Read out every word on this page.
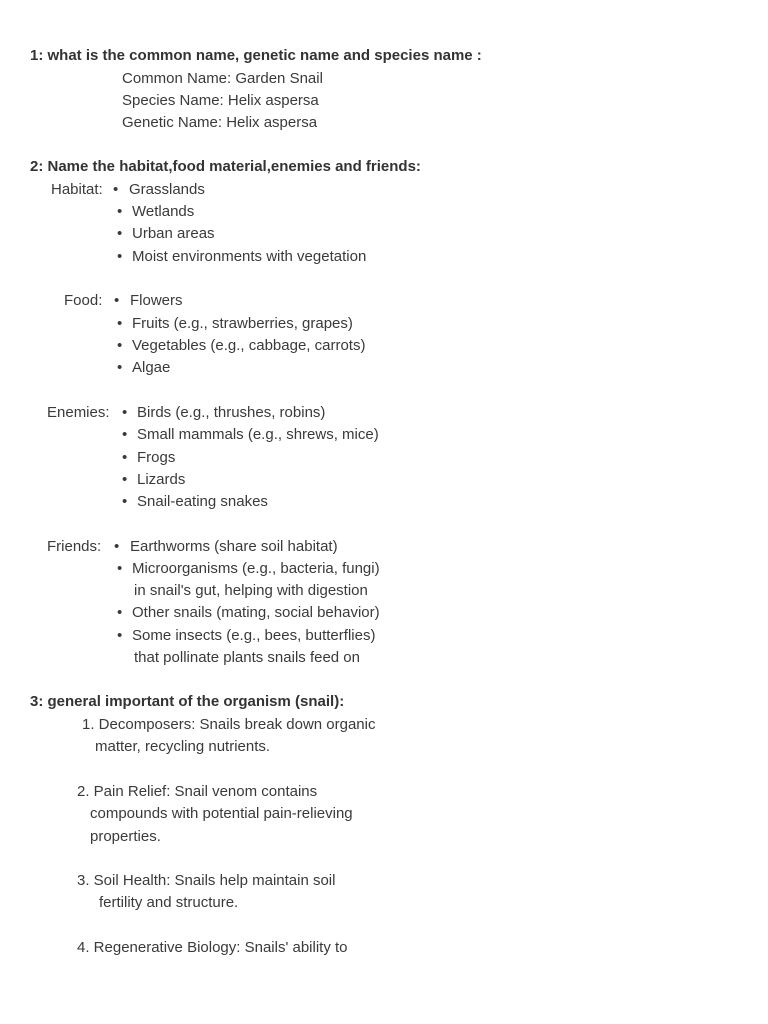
1: what is the common name, genetic name and species name :
Common Name: Garden Snail
Species Name: Helix aspersa
Genetic Name: Helix aspersa
2: Name the habitat,food material,enemies and friends:
Habitat: • Grasslands
• Wetlands
• Urban areas
• Moist environments with vegetation
Food: • Flowers
• Fruits (e.g., strawberries, grapes)
• Vegetables (e.g., cabbage, carrots)
• Algae
Enemies: • Birds (e.g., thrushes, robins)
• Small mammals (e.g., shrews, mice)
• Frogs
• Lizards
• Snail-eating snakes
Friends: • Earthworms (share soil habitat)
• Microorganisms (e.g., bacteria, fungi)
in snail's gut, helping with digestion
• Other snails (mating, social behavior)
• Some insects (e.g., bees, butterflies)
that pollinate plants snails feed on
3: general important of the organism (snail):
1. Decomposers: Snails break down organic
matter, recycling nutrients.
2. Pain Relief: Snail venom contains
compounds with potential pain-relieving
properties.
3. Soil Health: Snails help maintain soil
fertility and structure.
4. Regenerative Biology: Snails' ability to
